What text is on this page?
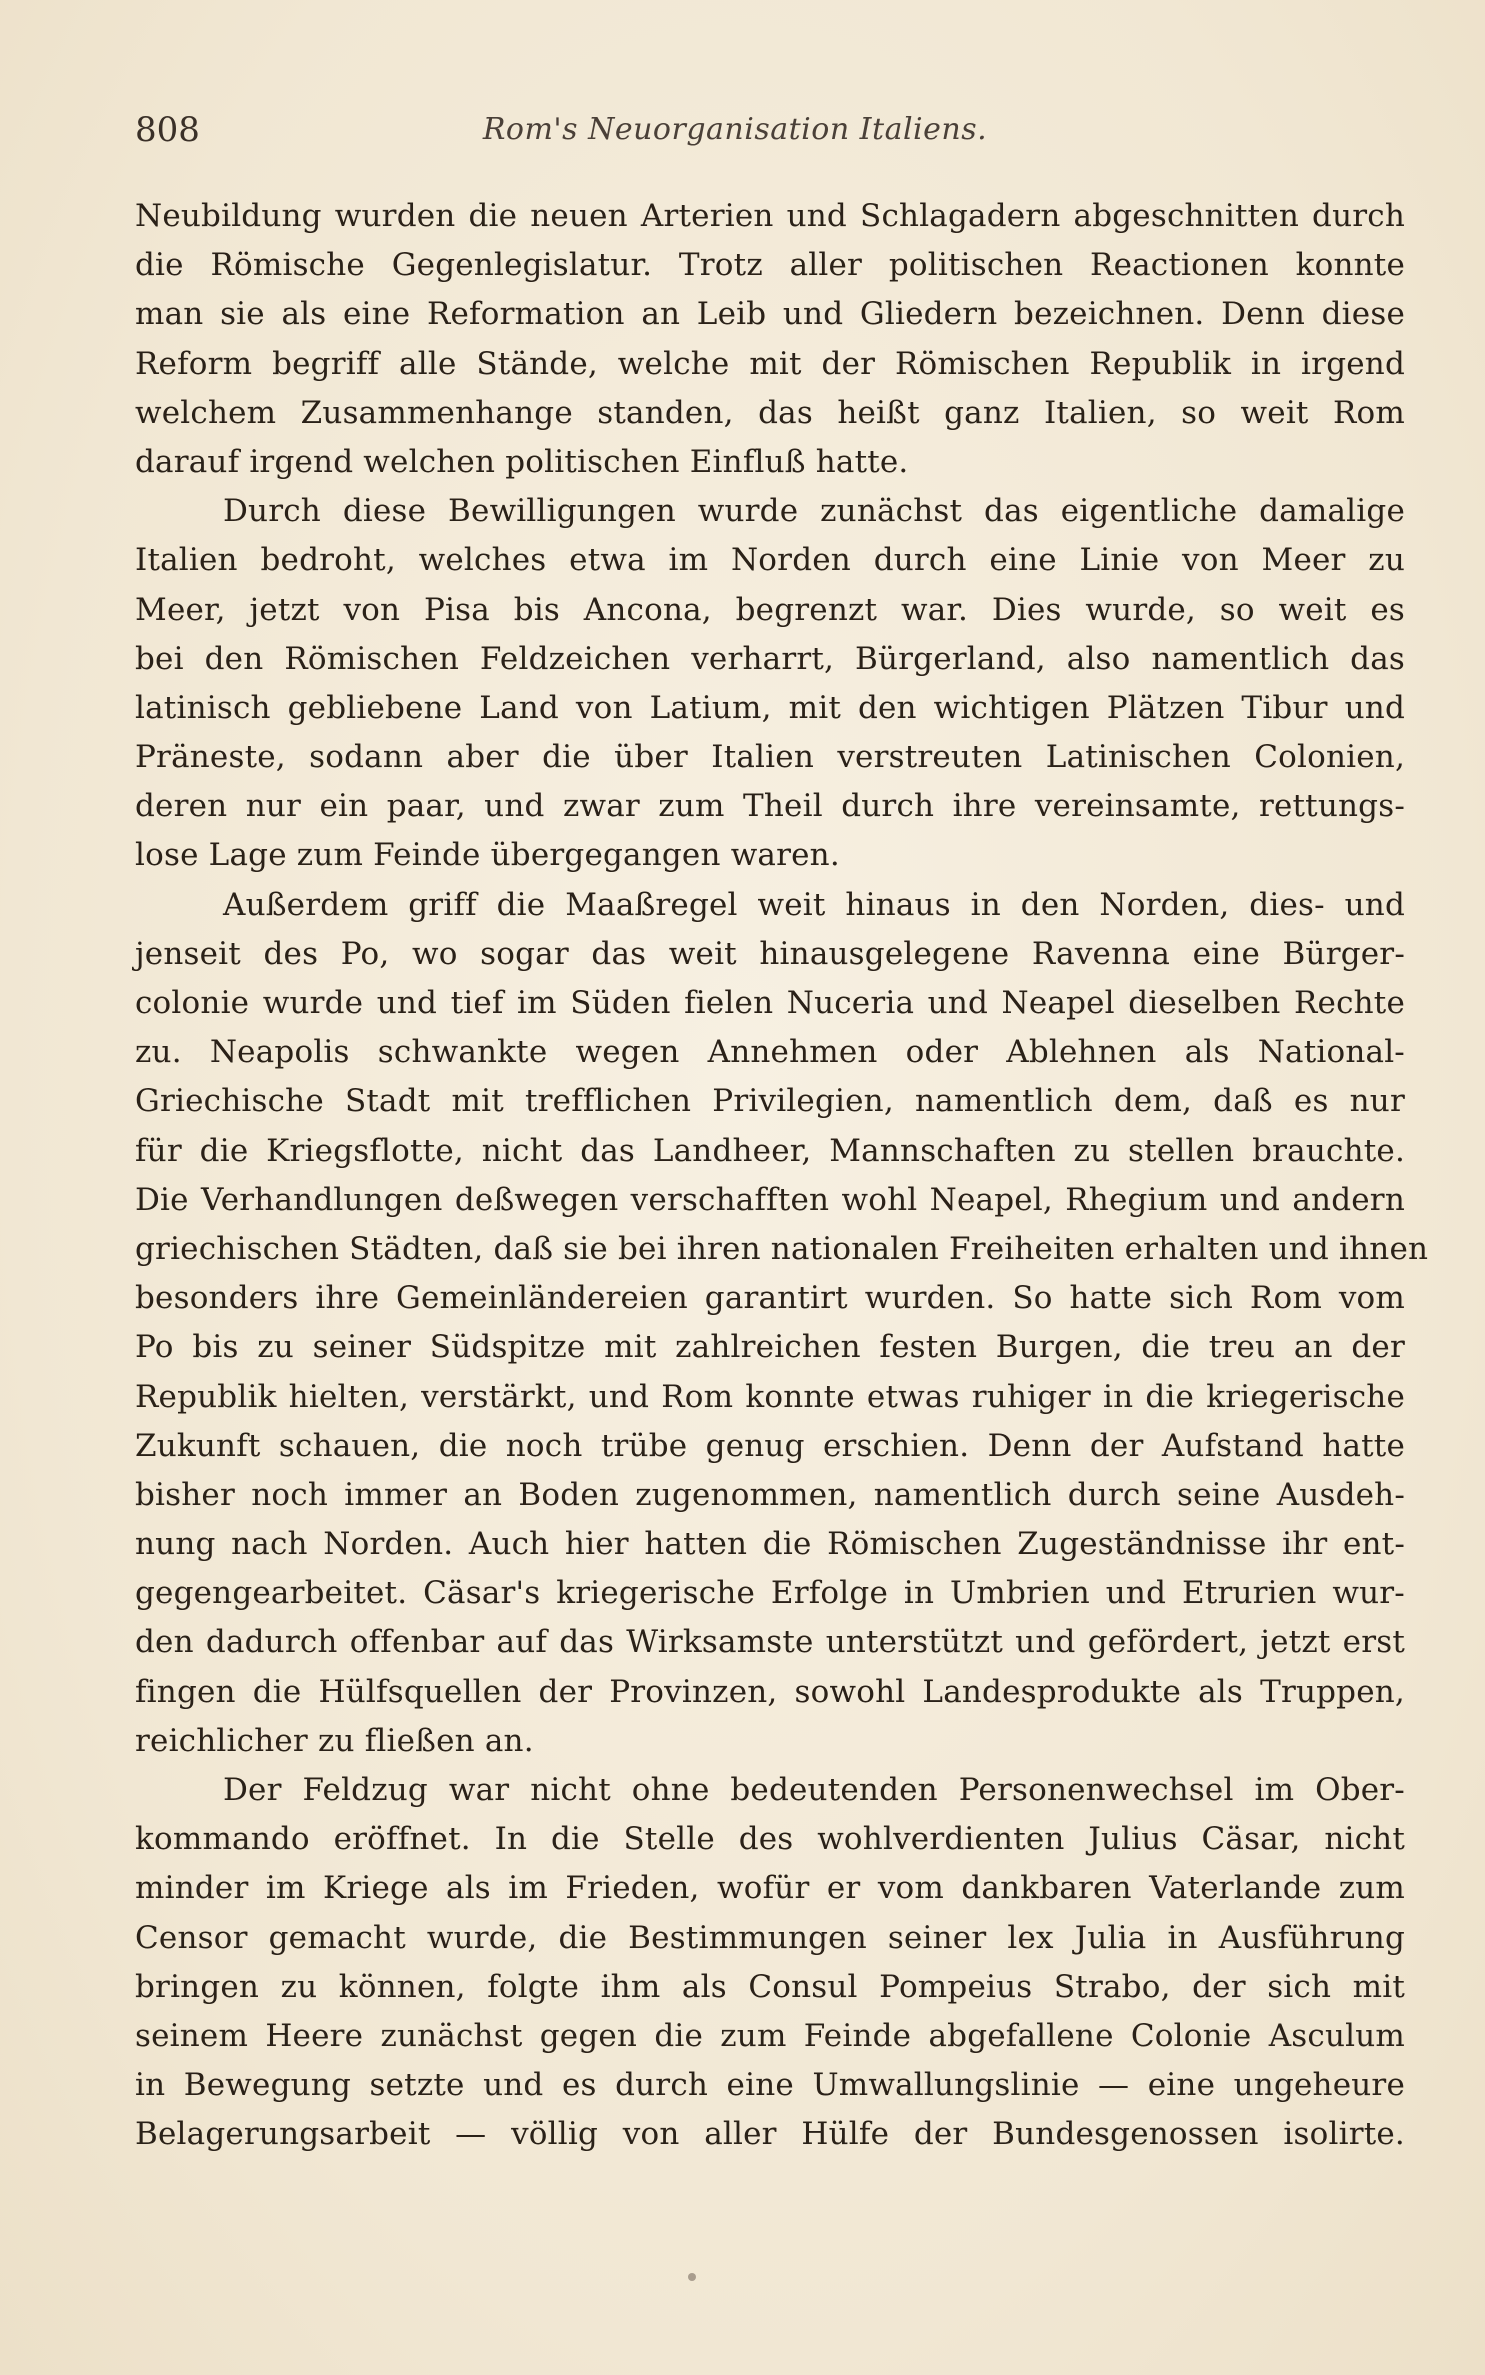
808	Rom's Neuorganisation Italiens.
Neubildung wurden die neuen Arterien und Schlagadern abgeschnitten durch
die Römische Gegenlegislatur. Trotz aller politischen Reactionen konnte
man sie als eine Reformation an Leib und Gliedern bezeichnen. Denn diese
Reform begriff alle Stände, welche mit der Römischen Republik in irgend
welchem Zusammenhange standen, das heißt ganz Italien, so weit Rom
darauf irgend welchen politischen Einfluß hatte.
Durch diese Bewilligungen wurde zunächst das eigentliche damalige
Italien bedroht, welches etwa im Norden durch eine Linie von Meer zu
Meer, jetzt von Pisa bis Ancona, begrenzt war. Dies wurde, so weit es
bei den Römischen Feldzeichen verharrt, Bürgerland, also namentlich das
latinisch gebliebene Land von Latium, mit den wichtigen Plätzen Tibur und
Präneste, sodann aber die über Italien verstreuten Latinischen Colonien,
deren nur ein paar, und zwar zum Theil durch ihre vereinsamte, rettungs-
lose Lage zum Feinde übergegangen waren.
Außerdem griff die Maaßregel weit hinaus in den Norden, dies- und
jenseit des Po, wo sogar das weit hinausgelegene Ravenna eine Bürger-
colonie wurde und tief im Süden fielen Nuceria und Neapel dieselben Rechte
zu. Neapolis schwankte wegen Annehmen oder Ablehnen als National-
Griechische Stadt mit trefflichen Privilegien, namentlich dem, daß es nur
für die Kriegsflotte, nicht das Landheer, Mannschaften zu stellen brauchte.
Die Verhandlungen deßwegen verschafften wohl Neapel, Rhegium und andern
griechischen Städten, daß sie bei ihren nationalen Freiheiten erhalten und ihnen
besonders ihre Gemeinländereien garantirt wurden. So hatte sich Rom vom
Po bis zu seiner Südspitze mit zahlreichen festen Burgen, die treu an der
Republik hielten, verstärkt, und Rom konnte etwas ruhiger in die kriegerische
Zukunft schauen, die noch trübe genug erschien. Denn der Aufstand hatte
bisher noch immer an Boden zugenommen, namentlich durch seine Ausdeh-
nung nach Norden. Auch hier hatten die Römischen Zugeständnisse ihr ent-
gegengearbeitet. Cäsar's kriegerische Erfolge in Umbrien und Etrurien wur-
den dadurch offenbar auf das Wirksamste unterstützt und gefördert, jetzt erst
fingen die Hülfsquellen der Provinzen, sowohl Landesprodukte als Truppen,
reichlicher zu fließen an.
Der Feldzug war nicht ohne bedeutenden Personenwechsel im Ober-
kommando eröffnet. In die Stelle des wohlverdienten Julius Cäsar, nicht
minder im Kriege als im Frieden, wofür er vom dankbaren Vaterlande zum
Censor gemacht wurde, die Bestimmungen seiner lex Julia in Ausführung
bringen zu können, folgte ihm als Consul Pompeius Strabo, der sich mit
seinem Heere zunächst gegen die zum Feinde abgefallene Colonie Asculum
in Bewegung setzte und es durch eine Umwallungslinie — eine ungeheure
Belagerungsarbeit — völlig von aller Hülfe der Bundesgenossen isolirte.
